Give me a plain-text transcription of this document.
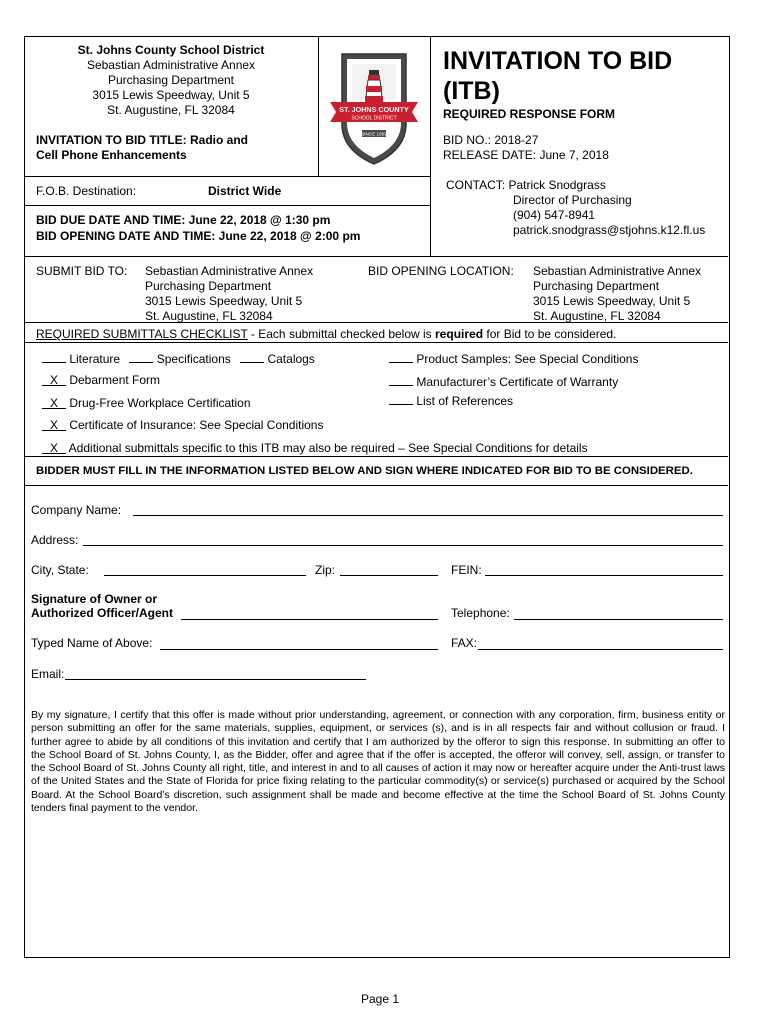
St. Johns County School District
Sebastian Administrative Annex
Purchasing Department
3015 Lewis Speedway, Unit 5
St. Augustine, FL 32084	ST. JOHNS COUNTY
SCHOOL DISTRICT
SINCE 1869
INVITATION TO BID
(ITB)
REQUIRED RESPONSE FORM
INVITATION TO BID TITLE: Radio and
Cell Phone Enhancements
BID NO.: 2018-27
RELEASE DATE: June 7, 2018
F.O.B. Destination:	District Wide	CONTACT: Patrick Snodgrass
Director of Purchasing
(904) 547-8941
patrick.snodgrass@stjohns.k12.fl.us
BID DUE DATE AND TIME: June 22, 2018 @ 1:30 pm
BID OPENING DATE AND TIME: June 22, 2018 @ 2:00 pm
SUBMIT BID TO: Sebastian Administrative Annex
Purchasing Department
3015 Lewis Speedway, Unit 5
St. Augustine, FL 32084
BID OPENING LOCATION: Sebastian Administrative Annex
Purchasing Department
3015 Lewis Speedway, Unit 5
St. Augustine, FL 32084
REQUIRED SUBMITTALS CHECKLIST - Each submittal checked below is required for Bid to be considered.
Literature	Specifications	Catalogs	Product Samples: See Special Conditions
X Debarment Form	Manufacturer’s Certificate of Warranty
X Drug-Free Workplace Certification	List of References
X Certificate of Insurance: See Special Conditions
X Additional submittals specific to this ITB may also be required – See Special Conditions for details
BIDDER MUST FILL IN THE INFORMATION LISTED BELOW AND SIGN WHERE INDICATED FOR BID TO BE CONSIDERED.
Company Name:
Address:
City, State:	Zip:	FEIN:
Signature of Owner or
Authorized Officer/Agent	Telephone:
Typed Name of Above:	FAX:
Email:
By my signature, I certify that this offer is made without prior understanding, agreement, or connection with any corporation, firm, business entity or person submitting an offer for the same materials, supplies, equipment, or services (s), and is in all respects fair and without collusion or fraud. I further agree to abide by all conditions of this invitation and certify that I am authorized by the offeror to sign this response. In submitting an offer to the School Board of St. Johns County, I, as the Bidder, offer and agree that if the offer is accepted, the offeror will convey, sell, assign, or transfer to the School Board of St. Johns County all right, title, and interest in and to all causes of action it may now or hereafter acquire under the Anti-trust laws of the United States and the State of Florida for price fixing relating to the particular commodity(s) or service(s) purchased or acquired by the School Board. At the School Board’s discretion, such assignment shall be made and become effective at the time the School Board of St. Johns County tenders final payment to the vendor.
Page 1
